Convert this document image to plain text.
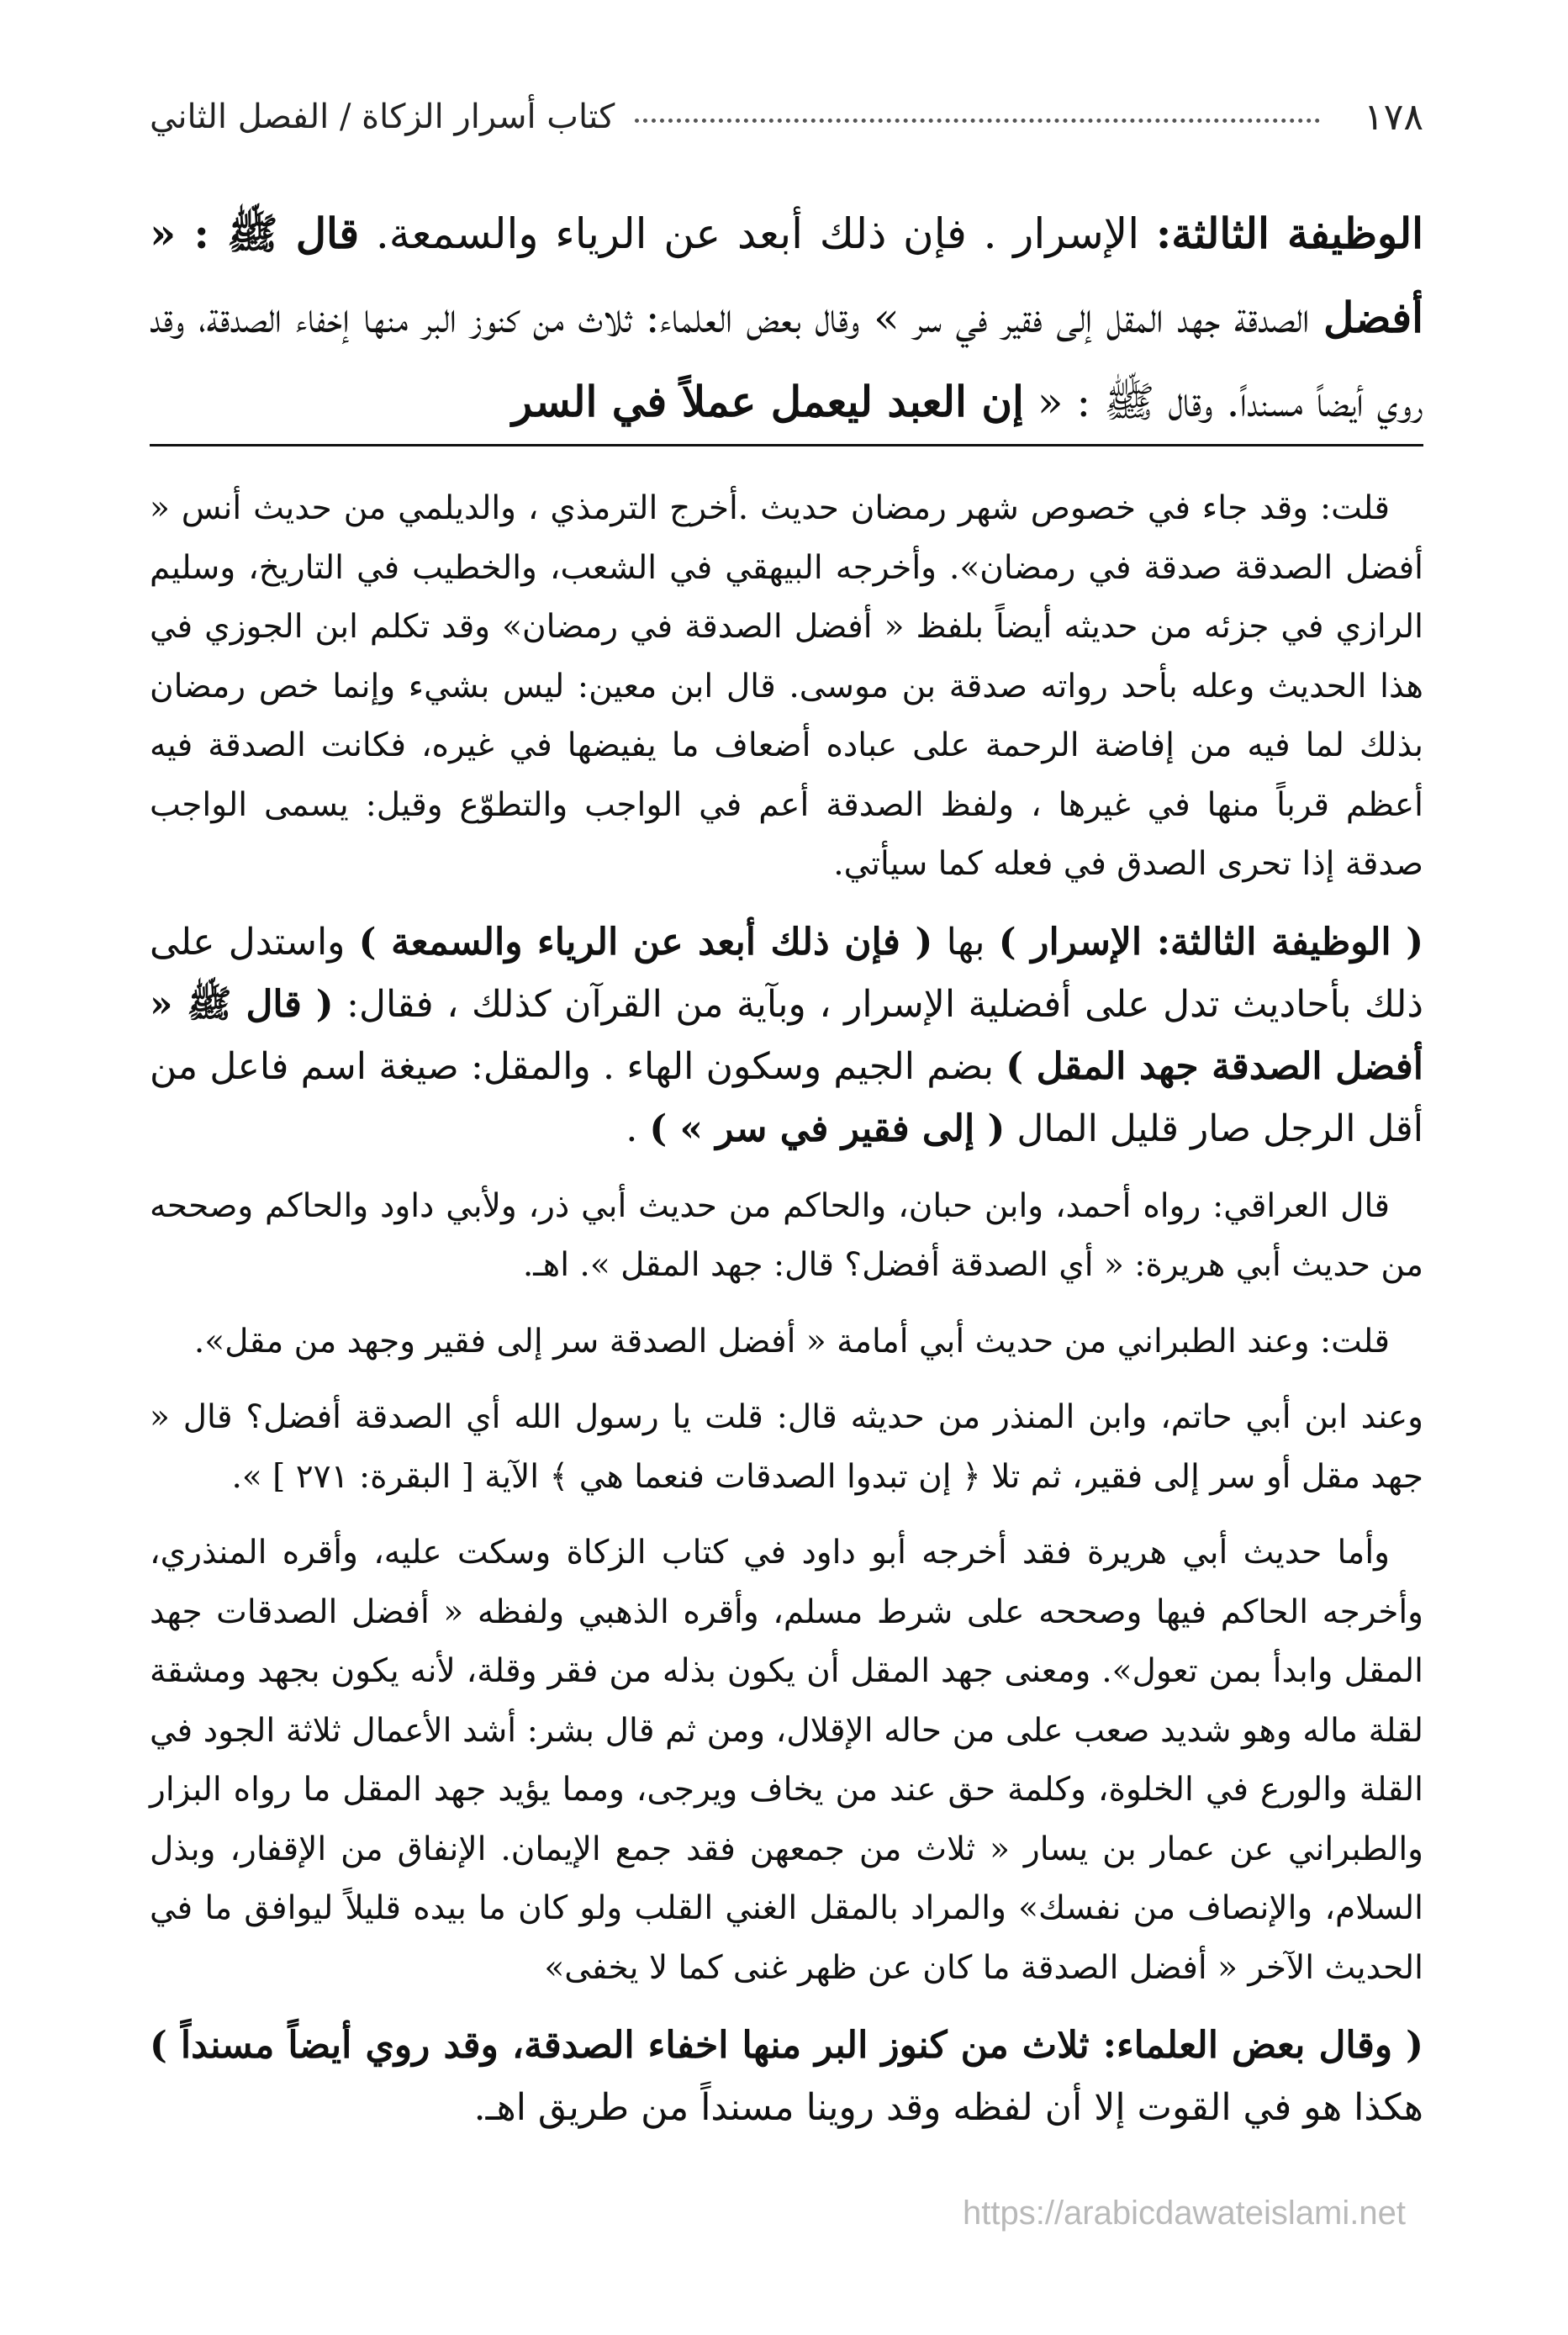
١٧٨
كتاب أسرار الزكاة / الفصل الثاني
الوظيفة الثالثة: الإسرار . فإن ذلك أبعد عن الرياء والسمعة. قال ﷺ : « أفضل الصدقة جهد المقل إلى فقير في سر » وقال بعض العلماء: ثلاث من كنوز البر منها إخفاء الصدقة، وقد روي أيضاً مسنداً. وقال ﷺ : « إن العبد ليعمل عملاً في السر

قلت: وقد جاء في خصوص شهر رمضان حديث .أخرج الترمذي ، والديلمي من حديث أنس « أفضل الصدقة صدقة في رمضان». وأخرجه البيهقي في الشعب، والخطيب في التاريخ، وسليم الرازي في جزئه من حديثه أيضاً بلفظ « أفضل الصدقة في رمضان» وقد تكلم ابن الجوزي في هذا الحديث وعله بأحد رواته صدقة بن موسى. قال ابن معين: ليس بشيء وإنما خص رمضان بذلك لما فيه من إفاضة الرحمة على عباده أضعاف ما يفيضها في غيره، فكانت الصدقة فيه أعظم قرباً منها في غيرها ، ولفظ الصدقة أعم في الواجب والتطوّع وقيل: يسمى الواجب صدقة إذا تحرى الصدق في فعله كما سيأتي.

( الوظيفة الثالثة: الإسرار ) بها ( فإن ذلك أبعد عن الرياء والسمعة ) واستدل على ذلك بأحاديث تدل على أفضلية الإسرار ، وبآية من القرآن كذلك ، فقال: ( قال ﷺ « أفضل الصدقة جهد المقل ) بضم الجيم وسكون الهاء . والمقل: صيغة اسم فاعل من أقل الرجل صار قليل المال ( إلى فقير في سر » ) .

قال العراقي: رواه أحمد، وابن حبان، والحاكم من حديث أبي ذر، ولأبي داود والحاكم وصححه من حديث أبي هريرة: « أي الصدقة أفضل؟ قال: جهد المقل ». اهـ.

قلت: وعند الطبراني من حديث أبي أمامة « أفضل الصدقة سر إلى فقير وجهد من مقل».

وعند ابن أبي حاتم، وابن المنذر من حديثه قال: قلت يا رسول الله أي الصدقة أفضل؟ قال « جهد مقل أو سر إلى فقير، ثم تلا ﴿ إن تبدوا الصدقات فنعما هي ﴾ الآية [ البقرة: ٢٧١ ] ».

وأما حديث أبي هريرة فقد أخرجه أبو داود في كتاب الزكاة وسكت عليه، وأقره المنذري، وأخرجه الحاكم فيها وصححه على شرط مسلم، وأقره الذهبي ولفظه « أفضل الصدقات جهد المقل وابدأ بمن تعول». ومعنى جهد المقل أن يكون بذله من فقر وقلة، لأنه يكون بجهد ومشقة لقلة ماله وهو شديد صعب على من حاله الإقلال، ومن ثم قال بشر: أشد الأعمال ثلاثة الجود في القلة والورع في الخلوة، وكلمة حق عند من يخاف ويرجى، ومما يؤيد جهد المقل ما رواه البزار والطبراني عن عمار بن يسار « ثلاث من جمعهن فقد جمع الإيمان. الإنفاق من الإقفار، وبذل السلام، والإنصاف من نفسك» والمراد بالمقل الغني القلب ولو كان ما بيده قليلاً ليوافق ما في الحديث الآخر « أفضل الصدقة ما كان عن ظهر غنى كما لا يخفى»

( وقال بعض العلماء: ثلاث من كنوز البر منها اخفاء الصدقة، وقد روي أيضاً مسنداً ) هكذا هو في القوت إلا أن لفظه وقد روينا مسنداً من طريق اهـ.

https://arabicdawateislami.net
